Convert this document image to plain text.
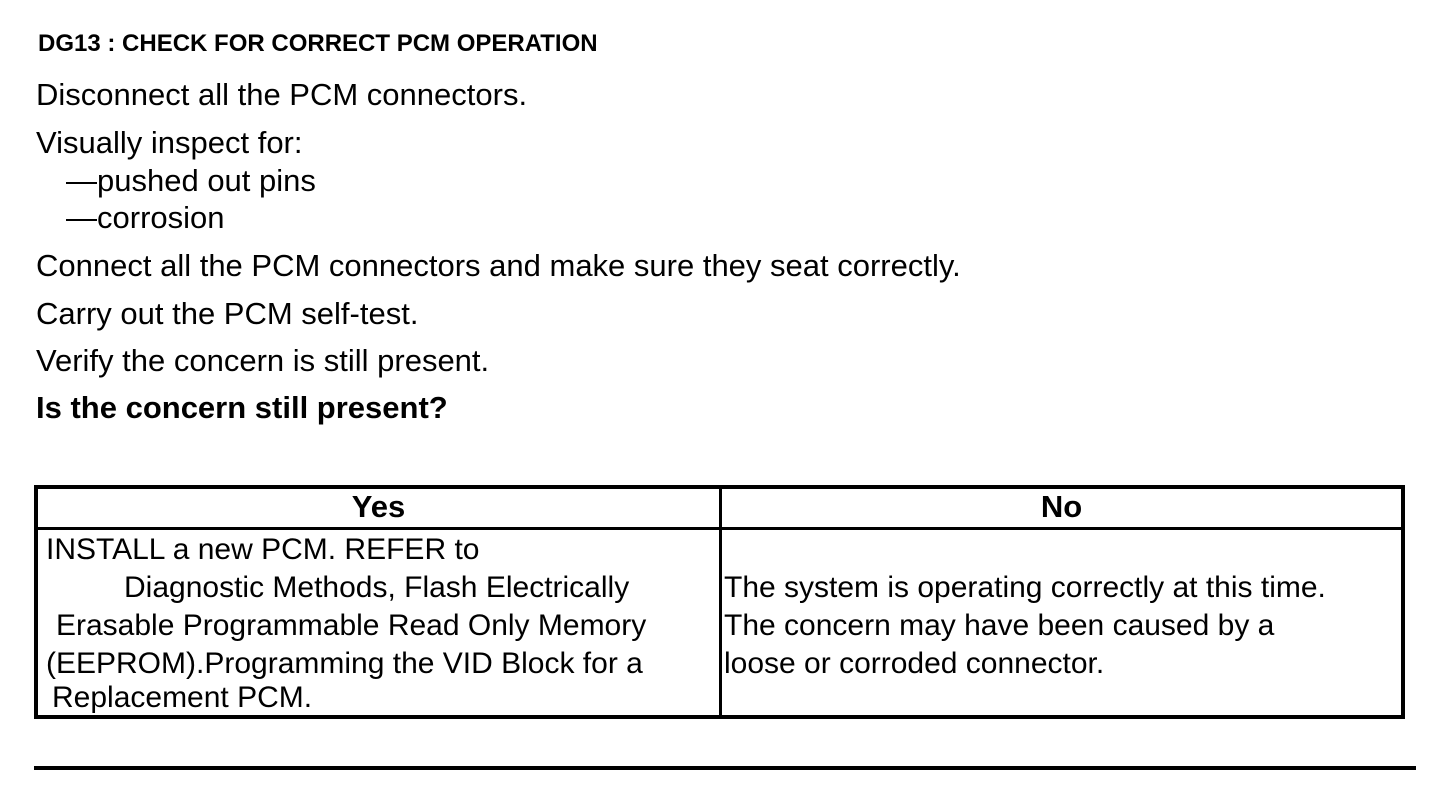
DG13 : CHECK FOR CORRECT PCM OPERATION
Disconnect all the PCM connectors.
Visually inspect for:
—pushed out pins
—corrosion
Connect all the PCM connectors and make sure they seat correctly.
Carry out the PCM self-test.
Verify the concern is still present.
Is the concern still present?
Yes	No
INSTALL a new PCM. REFER to
Diagnostic Methods, Flash Electrically
Erasable Programmable Read Only Memory
(EEPROM).Programming the VID Block for a
Replacement PCM.
The system is operating correctly at this time.
The concern may have been caused by a
loose or corroded connector.
